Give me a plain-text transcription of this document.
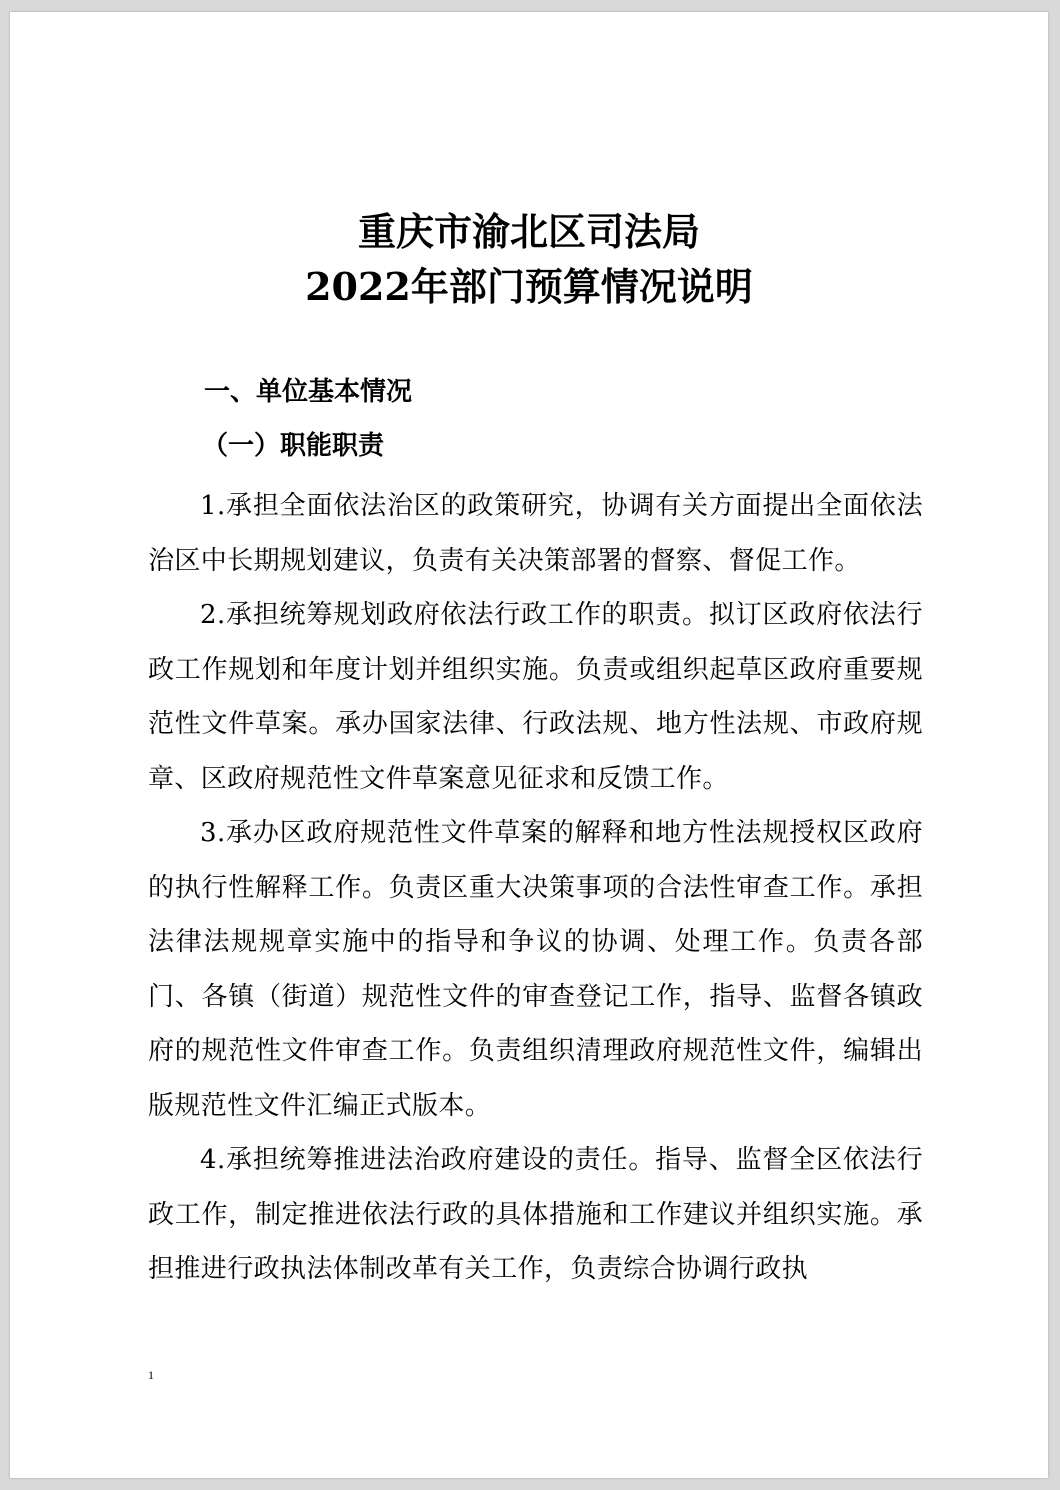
重庆市渝北区司法局
2022年部门预算情况说明
一、单位基本情况
（一）职能职责

1.承担全面依法治区的政策研究，协调有关方面提出全面依法治区中长期规划建议，负责有关决策部署的督察、督促工作。

2.承担统筹规划政府依法行政工作的职责。拟订区政府依法行政工作规划和年度计划并组织实施。负责或组织起草区政府重要规范性文件草案。承办国家法律、行政法规、地方性法规、市政府规章、区政府规范性文件草案意见征求和反馈工作。

3.承办区政府规范性文件草案的解释和地方性法规授权区政府的执行性解释工作。负责区重大决策事项的合法性审查工作。承担法律法规规章实施中的指导和争议的协调、处理工作。负责各部门、各镇（街道）规范性文件的审查登记工作，指导、监督各镇政府的规范性文件审查工作。负责组织清理政府规范性文件，编辑出版规范性文件汇编正式版本。

4.承担统筹推进法治政府建设的责任。指导、监督全区依法行政工作，制定推进依法行政的具体措施和工作建议并组织实施。承担推进行政执法体制改革有关工作，负责综合协调行政执

1
